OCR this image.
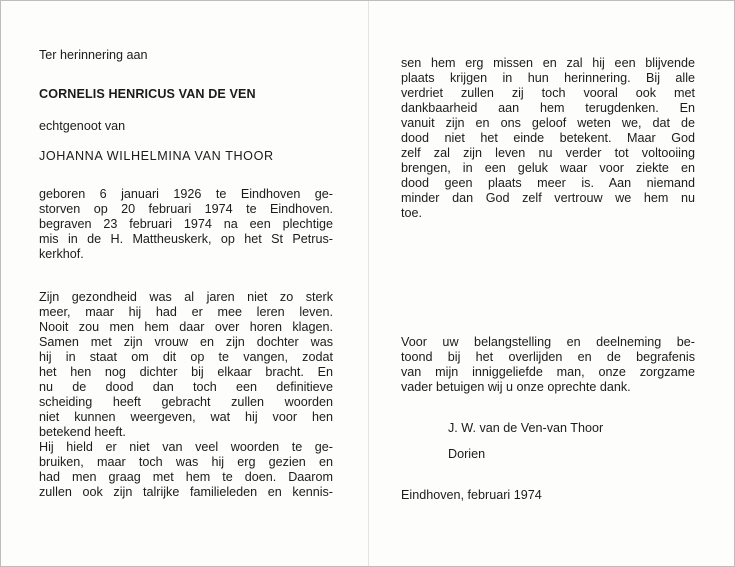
Ter herinnering aan
CORNELIS HENRICUS VAN DE VEN
echtgenoot van
JOHANNA WILHELMINA VAN THOOR
geboren 6 januari 1926 te Eindhoven ge-
storven op 20 februari 1974 te Eindhoven.
begraven 23 februari 1974 na een plechtige
mis in de H. Mattheuskerk, op het St Petrus-
kerkhof.
Zijn gezondheid was al jaren niet zo sterk
meer, maar hij had er mee leren leven.
Nooit zou men hem daar over horen klagen.
Samen met zijn vrouw en zijn dochter was
hij in staat om dit op te vangen, zodat
het hen nog dichter bij elkaar bracht. En
nu de dood dan toch een definitieve
scheiding heeft gebracht zullen woorden
niet kunnen weergeven, wat hij voor hen
betekend heeft.
Hij hield er niet van veel woorden te ge-
bruiken, maar toch was hij erg gezien en
had men graag met hem te doen. Daarom
zullen ook zijn talrijke familieleden en kennis-
sen hem erg missen en zal hij een blijvende
plaats krijgen in hun herinnering. Bij alle
verdriet zullen zij toch vooral ook met
dankbaarheid aan hem terugdenken. En
vanuit zijn en ons geloof weten we, dat de
dood niet het einde betekent. Maar God
zelf zal zijn leven nu verder tot voltooiing
brengen, in een geluk waar voor ziekte en
dood geen plaats meer is. Aan niemand
minder dan God zelf vertrouw we hem nu
toe.
Voor uw belangstelling en deelneming be-
toond bij het overlijden en de begrafenis
van mijn inniggeliefde man, onze zorgzame
vader betuigen wij u onze oprechte dank.
J. W. van de Ven-van Thoor
Dorien
Eindhoven, februari 1974
